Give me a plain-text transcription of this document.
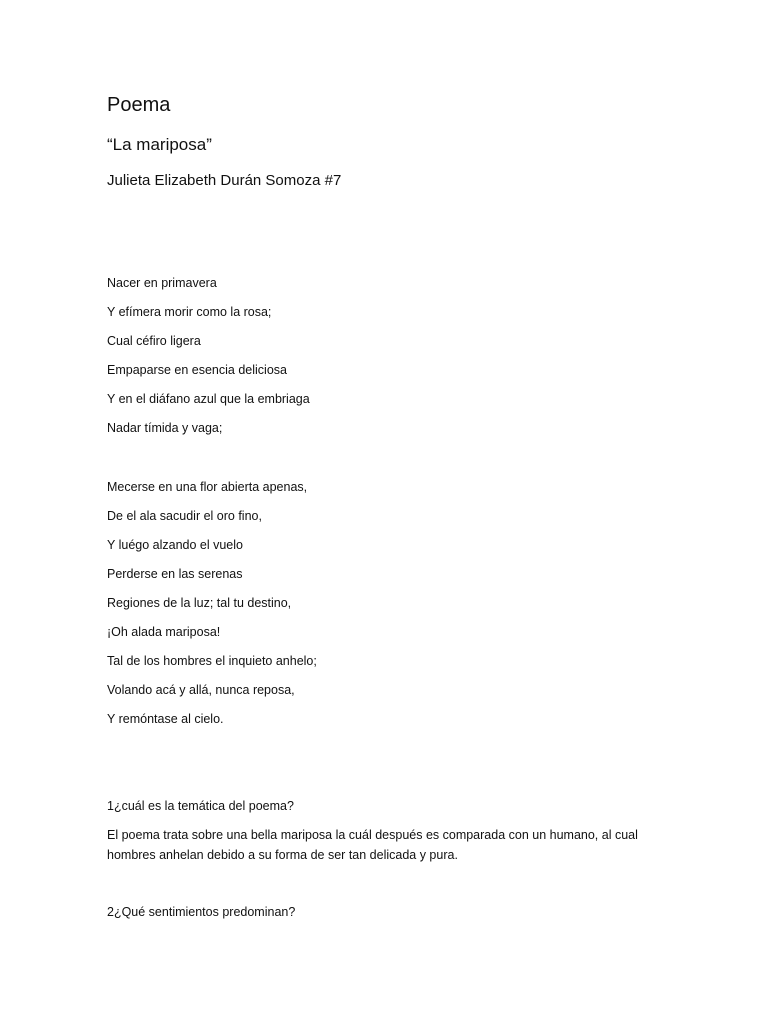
Poema
“La mariposa”

Julieta Elizabeth Durán Somoza #7

Nacer en primavera

Y efímera morir como la rosa;

Cual céfiro ligera

Empaparse en esencia deliciosa

Y en el diáfano azul que la embriaga

Nadar tímida y vaga;

Mecerse en una flor abierta apenas,

De el ala sacudir el oro fino,

Y luégo alzando el vuelo

Perderse en las serenas

Regiones de la luz; tal tu destino,

¡Oh alada mariposa!

Tal de los hombres el inquieto anhelo;

Volando acá y allá, nunca reposa,

Y remóntase al cielo.

1¿cuál es la temática del poema?

El poema trata sobre una bella mariposa la cuál después es comparada con un humano, al cual hombres anhelan debido a su forma de ser tan delicada y pura.

2¿Qué sentimientos predominan?
